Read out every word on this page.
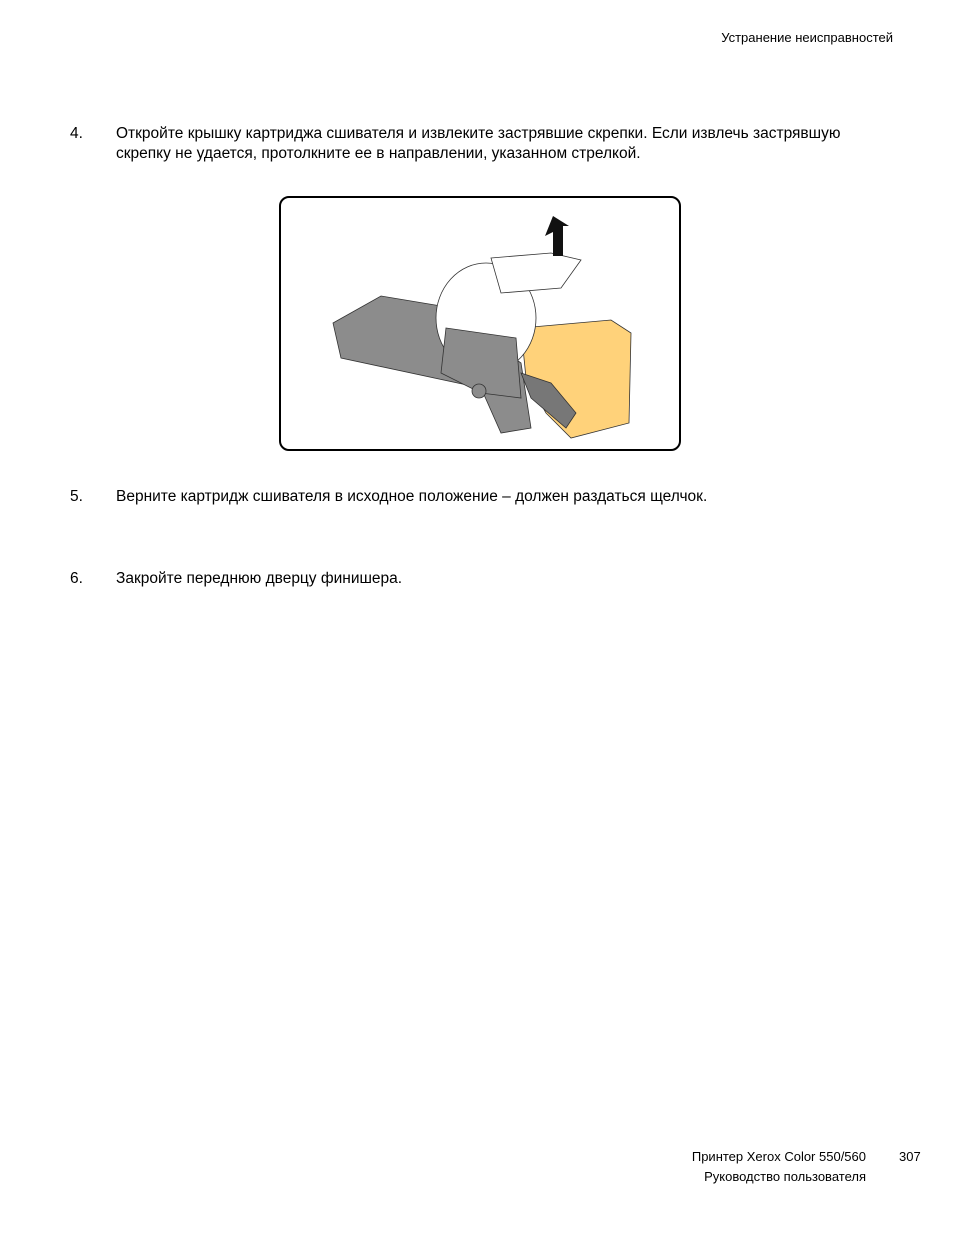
Устранение неисправностей
4. Откройте крышку картриджа сшивателя и извлеките застрявшие скрепки. Если извлечь застрявшую скрепку не удается, протолкните ее в направлении, указанном стрелкой.
5. Верните картридж сшивателя в исходное положение – должен раздаться щелчок.
6. Закройте переднюю дверцу финишера.
Принтер Xerox Color 550/560
Руководство пользователя
307
